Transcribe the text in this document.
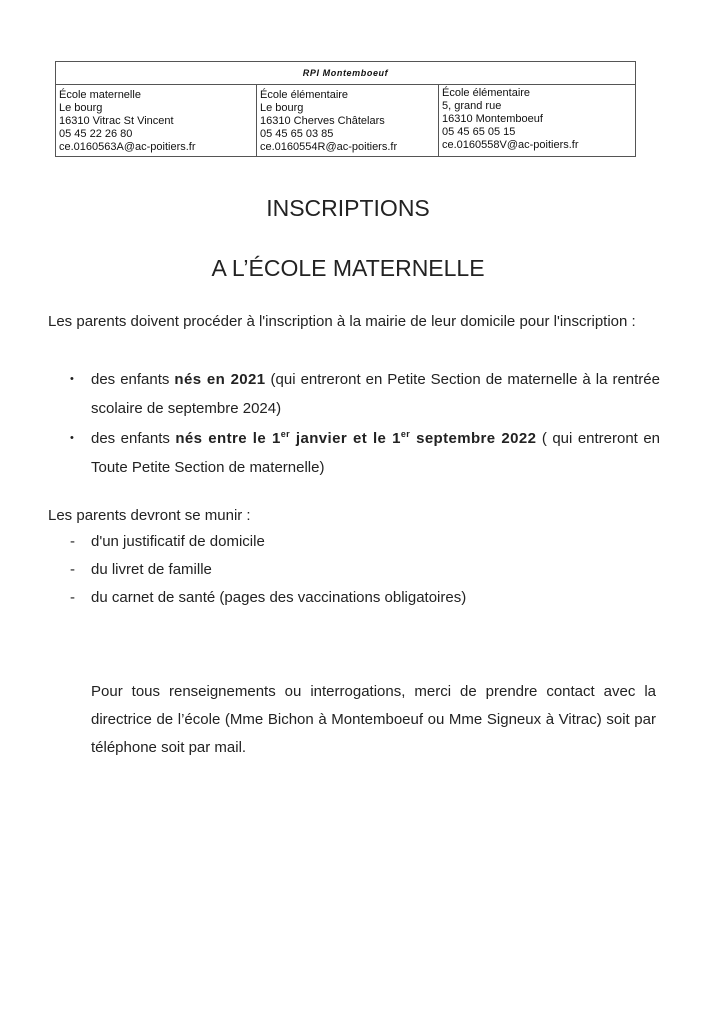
RPI Montemboeuf
École maternelle
Le bourg
16310 Vitrac St Vincent
05 45 22 26 80
ce.0160563A@ac-poitiers.fr
École élémentaire
Le bourg
16310 Cherves Châtelars
05 45 65 03 85
ce.0160554R@ac-poitiers.fr
École élémentaire
5, grand rue
16310 Montemboeuf
05 45 65 05 15
ce.0160558V@ac-poitiers.fr
INSCRIPTIONS
A L’ÉCOLE MATERNELLE
Les parents doivent procéder à l'inscription à la mairie de leur domicile pour l'inscription :
• des enfants nés en 2021 (qui entreront en Petite Section de maternelle à la rentrée scolaire de septembre 2024)
• des enfants nés entre le 1er janvier et le 1er septembre 2022 ( qui entreront en Toute Petite Section de maternelle)
Les parents devront se munir :
- d'un justificatif de domicile
- du livret de famille
- du carnet de santé (pages des vaccinations obligatoires)
Pour tous renseignements ou interrogations, merci de prendre contact avec la directrice de l’école (Mme Bichon à Montemboeuf ou Mme Signeux à Vitrac) soit par téléphone soit par mail.
